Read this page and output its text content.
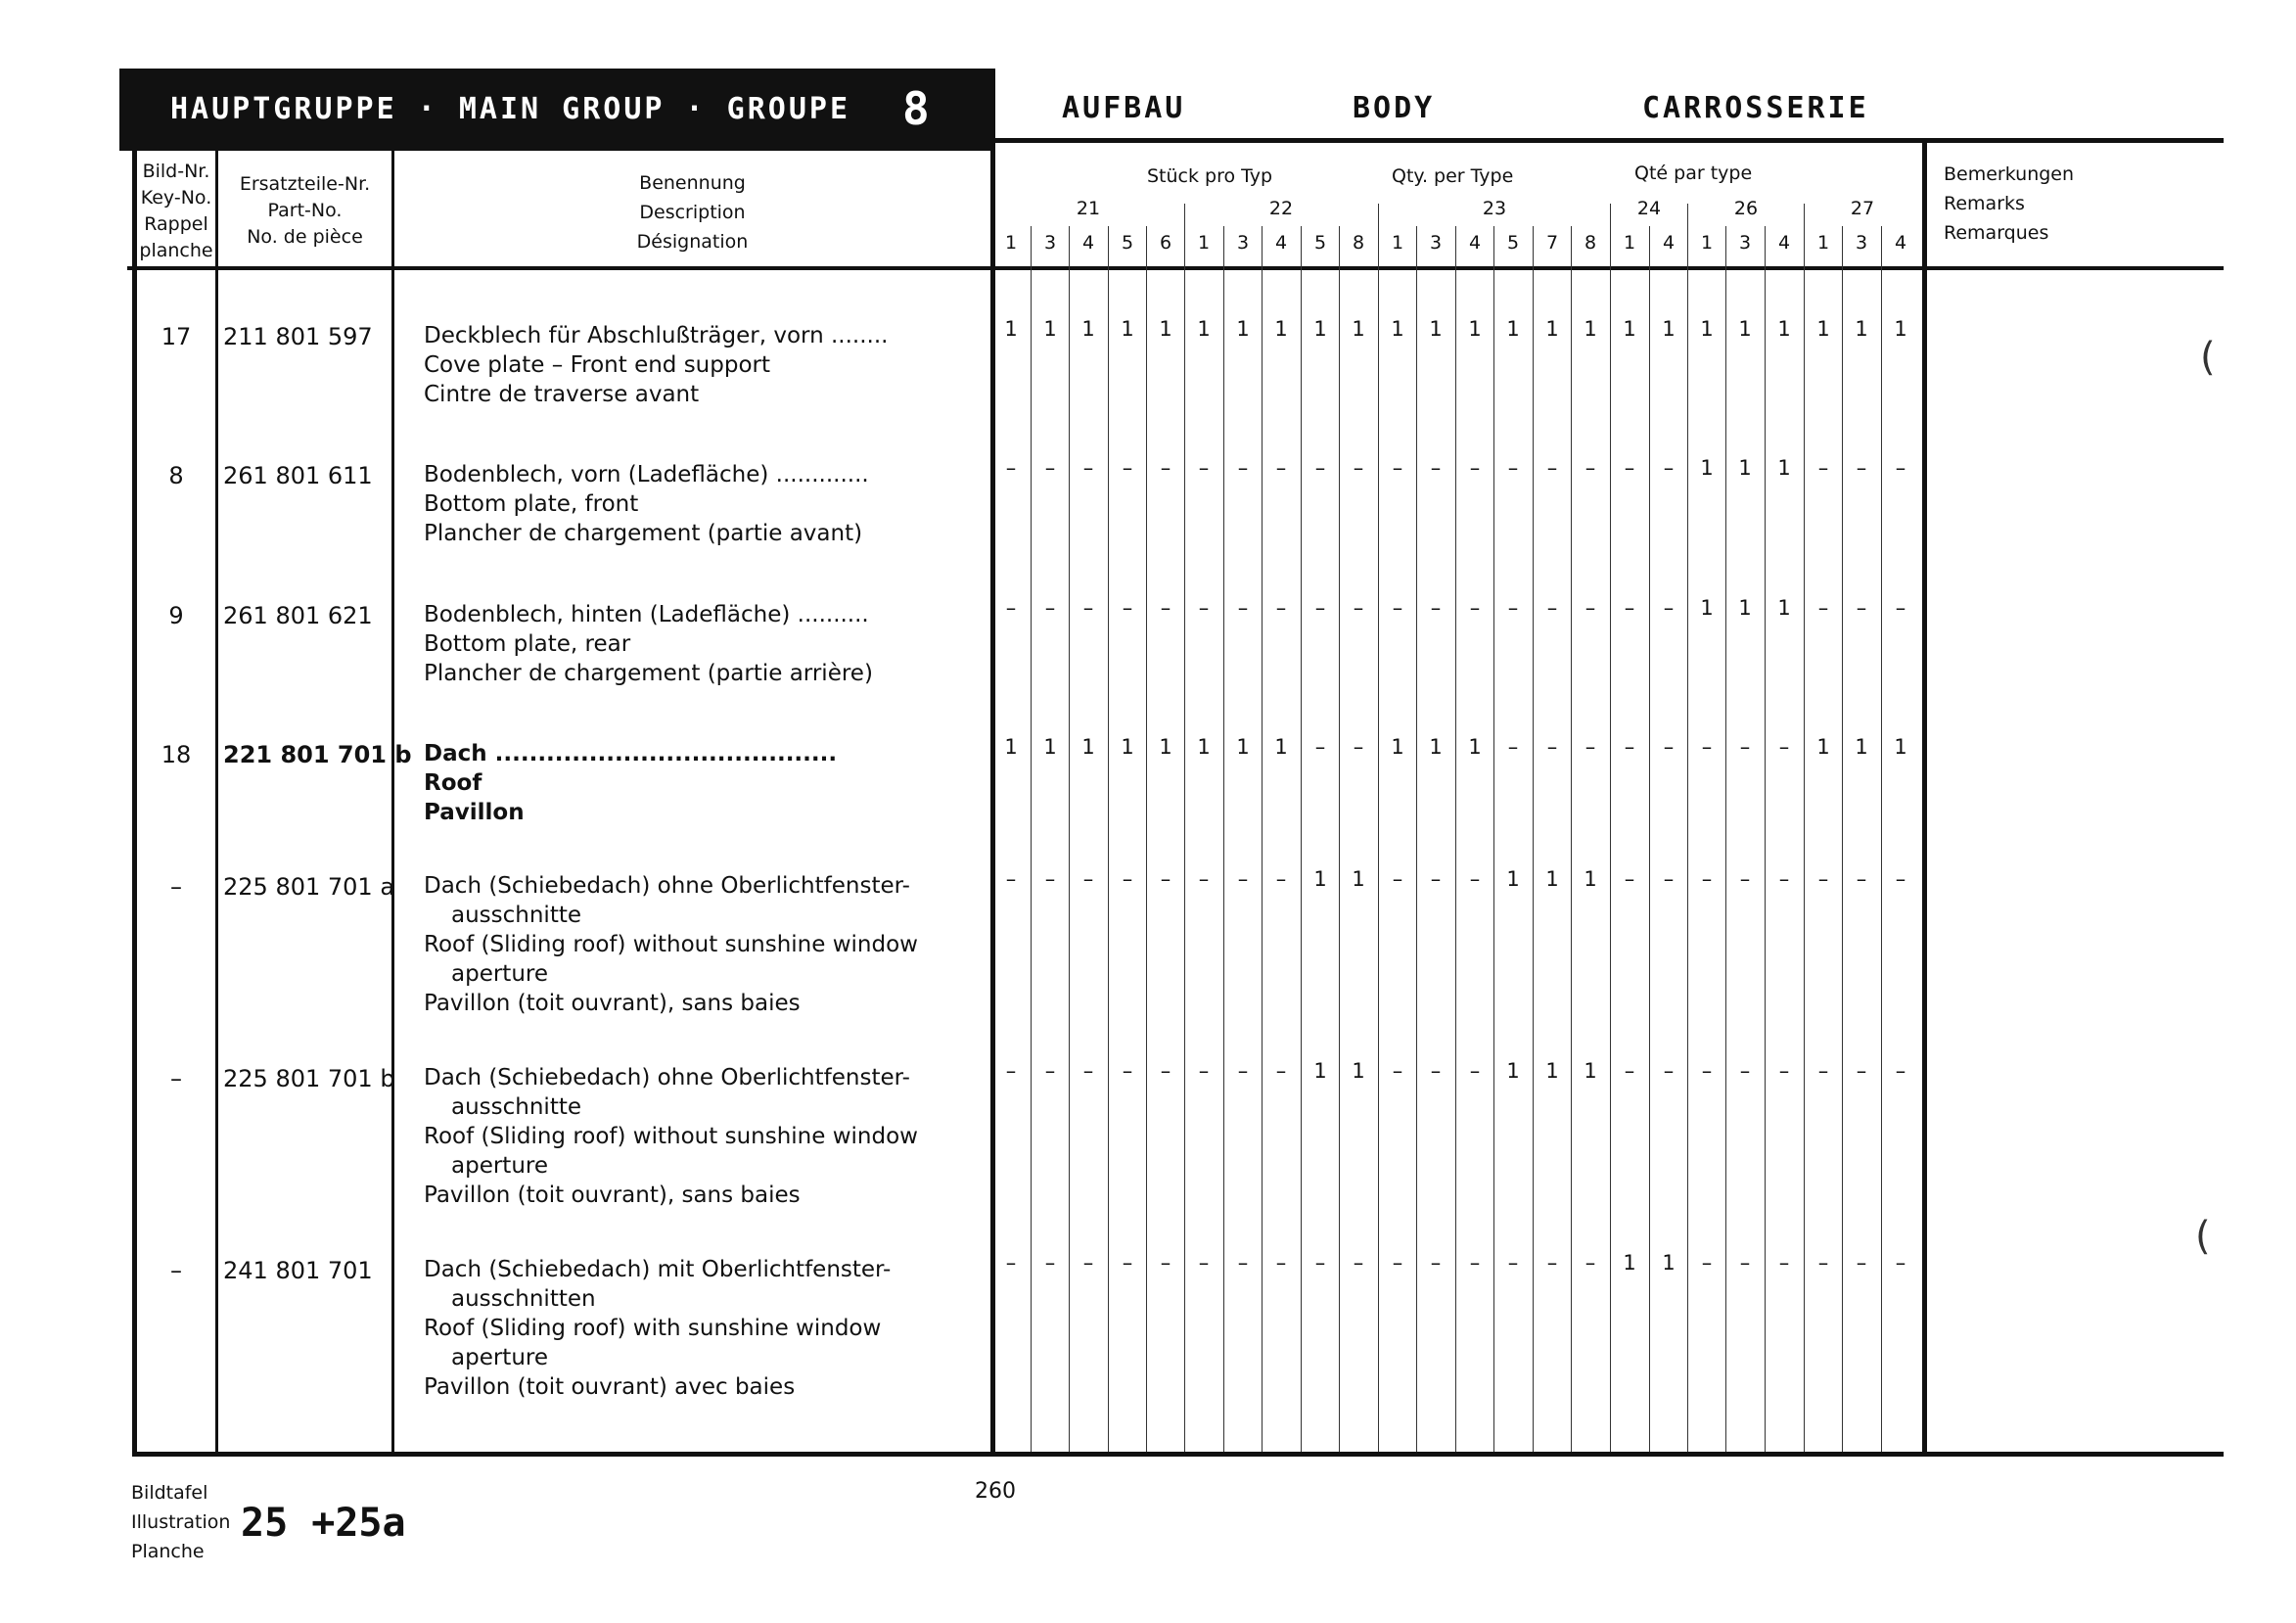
HAUPTGRUPPE · MAIN GROUP · GROUPE 8	AUFBAU	BODY	CARROSSERIE
Bild-Nr.
Key-No.
Rappel
planche
Ersatzteile-Nr.
Part-No.
No. de pièce
Benennung
Description
Désignation
Stück pro Typ	Qty. per Type	Qté par type	Bemerkungen
Remarks
Remarques
21
1	3	4	5	6
22
1	3	4	5	8
23
1	3	4	5	7	8
24
1	4
26
1	3	4
27
1	3	4
17	211 801 597 Deckblech für Abschlußträger, vorn ........
Cove plate – Front end support
Cintre de traverse avant
1	1	1	1	1	1	1	1	1	1	1	1	1	1	1	1	1	1	1	1	1	1	1	1
8	261 801 611 Bodenblech, vorn (Ladefläche) .............
Bottom plate, front
Plancher de chargement (partie avant)
–	–	–	–	–	–	–	–	–	–	–	–	–	–	–	–	–	–	1	1	1	–	–	–
9	261 801 621 Bodenblech, hinten (Ladefläche) ..........
Bottom plate, rear
Plancher de chargement (partie arrière)
–	–	–	–	–	–	–	–	–	–	–	–	–	–	–	–	–	–	1	1	1	–	–	–
18	221 801 701 b Dach ........................................
Roof
Pavillon
1	1	1	1	1	1	1	1	–	–	1	1	1	–	–	–	–	–	–	–	–	1	1	1
–	225 801 701 a Dach (Schiebedach) ohne Oberlichtfenster-
ausschnitte
Roof (Sliding roof) without sunshine window
aperture
Pavillon (toit ouvrant), sans baies
–	–	–	–	–	–	–	–	1	1	–	–	–	1	1	1	–	–	–	–	–	–	–	–
–	225 801 701 b Dach (Schiebedach) ohne Oberlichtfenster-
ausschnitte
Roof (Sliding roof) without sunshine window
aperture
Pavillon (toit ouvrant), sans baies
–	–	–	–	–	–	–	–	1	1	–	–	–	1	1	1	–	–	–	–	–	–	–	–
–	241 801 701 Dach (Schiebedach) mit Oberlichtfenster-
ausschnitten
Roof (Sliding roof) with sunshine window
aperture
Pavillon (toit ouvrant) avec baies
–	–	–	–	–	–	–	–	–	–	–	–	–	–	–	–	1	1	–	–	–	–	–	–
(
(
Bildtafel
Illustration
Planche
25 +25a
260
